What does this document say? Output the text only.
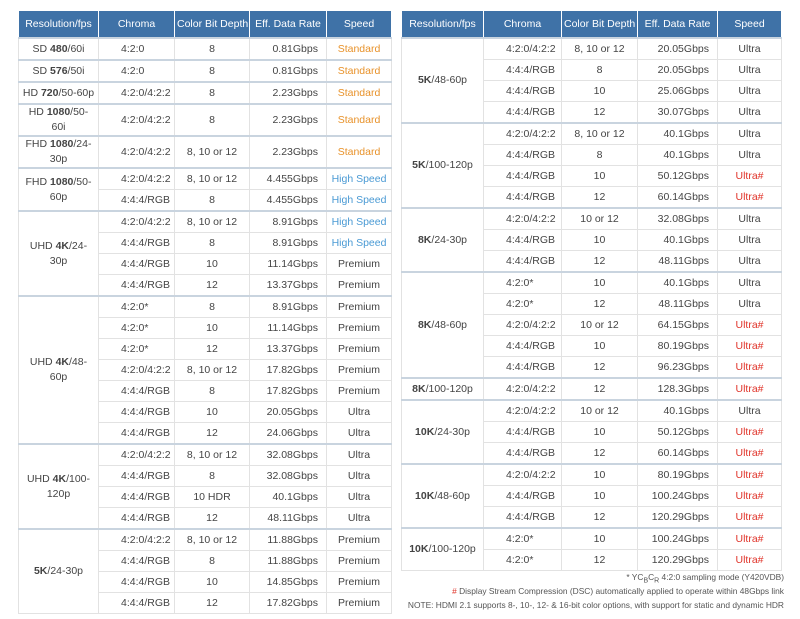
Resolution/fps	Chroma	Color Bit Depth	Eff. Data Rate	Speed
SD 480/60i	4:2:0	8	0.81Gbps	Standard
SD 576/50i	4:2:0	8	0.81Gbps	Standard
HD 720/50-60p	4:2:0/4:2:2	8	2.23Gbps	Standard
HD 1080/50-60i	4:2:0/4:2:2	8	2.23Gbps	Standard
FHD 1080/24-30p	4:2:0/4:2:2	8, 10 or 12	2.23Gbps	Standard
FHD 1080/50-60p	4:2:0/4:2:2	8, 10 or 12	4.455Gbps	High Speed
	4:4:4/RGB	8	4.455Gbps	High Speed
UHD 4K/24-30p	4:2:0/4:2:2	8, 10 or 12	8.91Gbps	High Speed
	4:4:4/RGB	8	8.91Gbps	High Speed
	4:4:4/RGB	10	11.14Gbps	Premium
	4:4:4/RGB	12	13.37Gbps	Premium
UHD 4K/48-60p	4:2:0*	8	8.91Gbps	Premium
	4:2:0*	10	11.14Gbps	Premium
	4:2:0*	12	13.37Gbps	Premium
	4:2:0/4:2:2	8, 10 or 12	17.82Gbps	Premium
	4:4:4/RGB	8	17.82Gbps	Premium
	4:4:4/RGB	10	20.05Gbps	Ultra
	4:4:4/RGB	12	24.06Gbps	Ultra
UHD 4K/100-120p	4:2:0/4:2:2	8, 10 or 12	32.08Gbps	Ultra
	4:4:4/RGB	8	32.08Gbps	Ultra
	4:4:4/RGB	10 HDR	40.1Gbps	Ultra
	4:4:4/RGB	12	48.11Gbps	Ultra
5K/24-30p	4:2:0/4:2:2	8, 10 or 12	11.88Gbps	Premium
	4:4:4/RGB	8	11.88Gbps	Premium
	4:4:4/RGB	10	14.85Gbps	Premium
	4:4:4/RGB	12	17.82Gbps	Premium
Resolution/fps	Chroma	Color Bit Depth	Eff. Data Rate	Speed
5K/48-60p	4:2:0/4:2:2	8, 10 or 12	20.05Gbps	Ultra
	4:4:4/RGB	8	20.05Gbps	Ultra
	4:4:4/RGB	10	25.06Gbps	Ultra
	4:4:4/RGB	12	30.07Gbps	Ultra
5K/100-120p	4:2:0/4:2:2	8, 10 or 12	40.1Gbps	Ultra
	4:4:4/RGB	8	40.1Gbps	Ultra
	4:4:4/RGB	10	50.12Gbps	Ultra#
	4:4:4/RGB	12	60.14Gbps	Ultra#
8K/24-30p	4:2:0/4:2:2	10 or 12	32.08Gbps	Ultra
	4:4:4/RGB	10	40.1Gbps	Ultra
	4:4:4/RGB	12	48.11Gbps	Ultra
8K/48-60p	4:2:0*	10	40.1Gbps	Ultra
	4:2:0*	12	48.11Gbps	Ultra
	4:2:0/4:2:2	10 or 12	64.15Gbps	Ultra#
	4:4:4/RGB	10	80.19Gbps	Ultra#
	4:4:4/RGB	12	96.23Gbps	Ultra#
8K/100-120p	4:2:0/4:2:2	12	128.3Gbps	Ultra#
10K/24-30p	4:2:0/4:2:2	10 or 12	40.1Gbps	Ultra
	4:4:4/RGB	10	50.12Gbps	Ultra#
	4:4:4/RGB	12	60.14Gbps	Ultra#
10K/48-60p	4:2:0/4:2:2	10	80.19Gbps	Ultra#
	4:4:4/RGB	10	100.24Gbps	Ultra#
	4:4:4/RGB	12	120.29Gbps	Ultra#
10K/100-120p	4:2:0*	10	100.24Gbps	Ultra#
	4:2:0*	12	120.29Gbps	Ultra#
* $YC_BC_R$ 4:2:0 sampling mode (Y420VDB)
# Display Stream Compression (DSC) automatically applied to operate within 48Gbps link
NOTE: HDMI 2.1 supports 8-, 10-, 12- & 16-bit color options, with support for static and dynamic HDR
